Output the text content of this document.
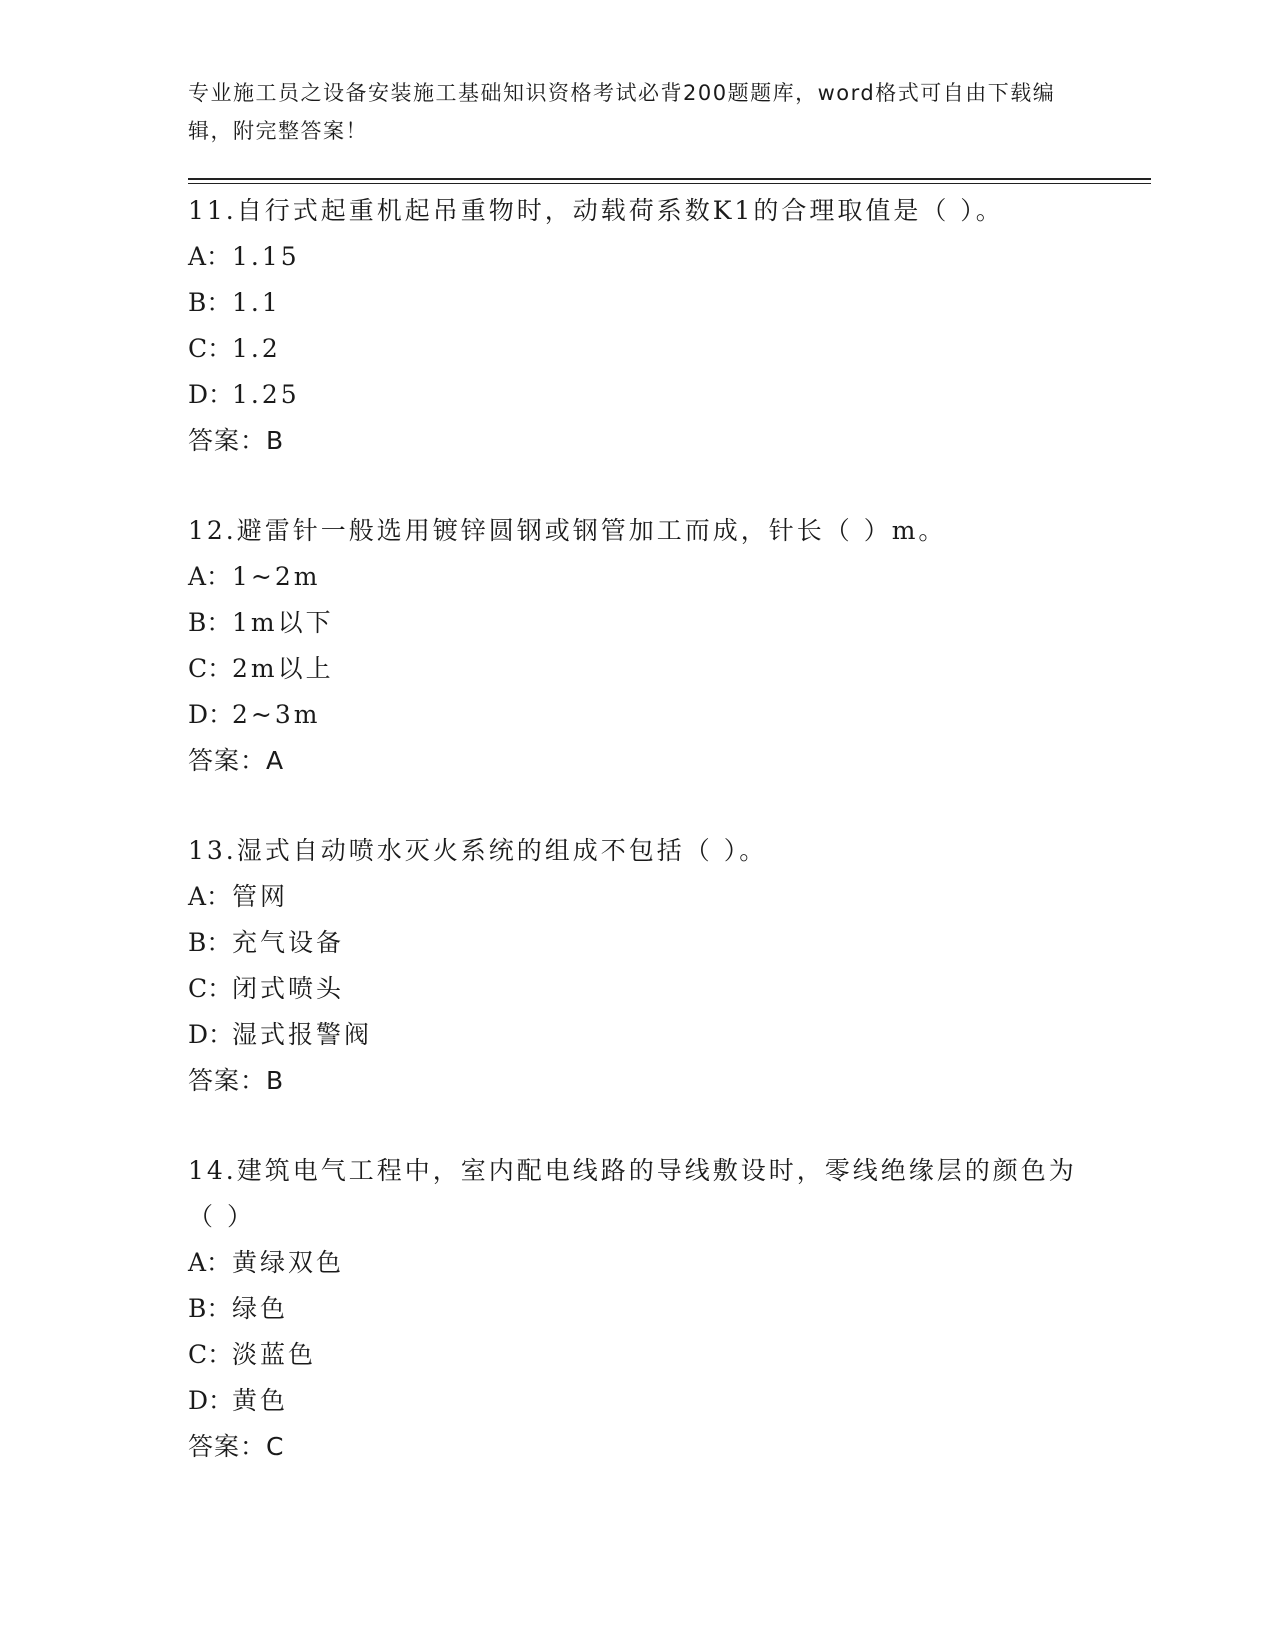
专业施工员之设备安装施工基础知识资格考试必背200题题库，word格式可自由下载编辑，附完整答案！
11.自行式起重机起吊重物时，动载荷系数K1的合理取值是（ ）。
A：1.15
B：1.1
C：1.2
D：1.25
答案：B
12.避雷针一般选用镀锌圆钢或钢管加工而成，针长（ ）m。
A：1~2m
B：1m以下
C：2m以上
D：2~3m
答案：A
13.湿式自动喷水灭火系统的组成不包括（ ）。
A：管网
B：充气设备
C：闭式喷头
D：湿式报警阀
答案：B
14.建筑电气工程中，室内配电线路的导线敷设时，零线绝缘层的颜色为（ ）
A：黄绿双色
B：绿色
C：淡蓝色
D：黄色
答案：C
